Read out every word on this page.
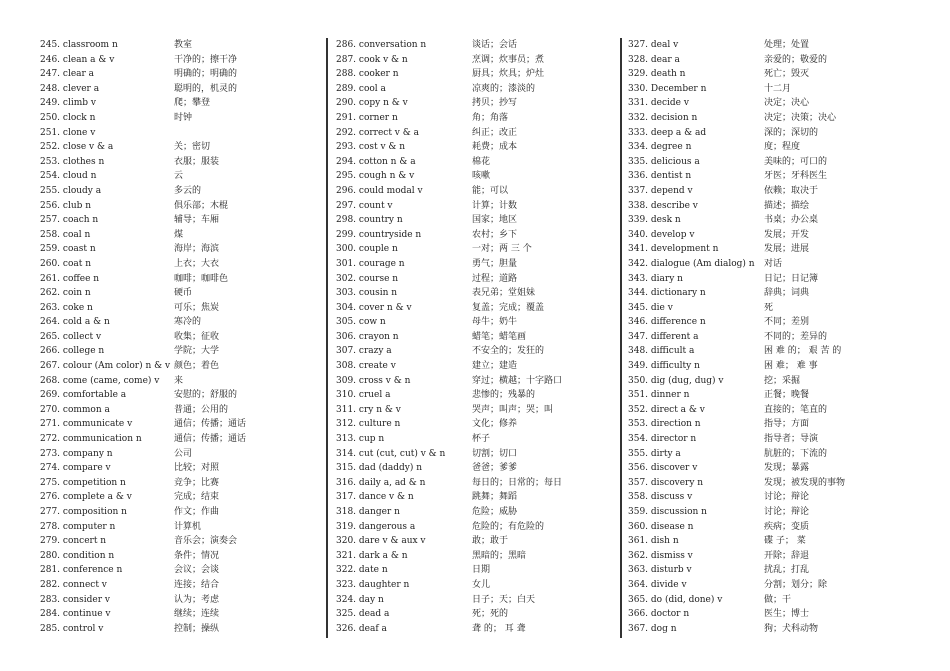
245. classroom n	教室
246. clean a & v	干净的；擦干净
247. clear a	明确的；明确的
248. clever a	聪明的，机灵的
249. climb v	爬；攀登
250. clock n	时钟
251. clone v
252. close v & a	关；密切
253. clothes n	衣服；服装
254. cloud n	云
255. cloudy a	多云的
256. club n	俱乐部；木棍
257. coach n	辅导；车厢
258. coal n	煤
259. coast n	海岸；海滨
260. coat n	上衣；大衣
261. coffee n	咖啡；咖啡色
262. coin n	硬币
263. coke n	可乐；焦炭
264. cold a & n	寒冷的
265. collect v	收集；征收
266. college n	学院；大学
267. colour (Am color) n & v 颜色；着色
268. come (came, come) v 来
269. comfortable a	安慰的；舒服的
270. common a	普通；公用的
271. communicate v	通信；传播；通话
272. communication n	通信；传播；通话
273. company n	公司
274. compare v	比较；对照
275. competition n	竞争；比赛
276. complete a & v	完成；结束
277. composition n	作文；作曲
278. computer n	计算机
279. concert n	音乐会；演奏会
280. condition n	条件；情况
281. conference n	会议；会谈
282. connect v	连接；结合
283. consider v	认为；考虑
284. continue v	继续；连续
285. control v	控制；操纵
286. conversation n	谈话；会话
287. cook v & n	烹调；炊事员；煮
288. cooker n	厨具；炊具；炉灶
289. cool a	凉爽的；漆淡的
290. copy n & v	拷贝；抄写
291. corner n	角；角落
292. correct v & a	纠正；改正
293. cost v & n	耗费；成本
294. cotton n & a	棉花
295. cough n & v	咳嗽
296. could modal v	能；可以
297. count v	计算；计数
298. country n	国家；地区
299. countryside n	农村；乡下
300. couple n	一对；两 三 个
301. courage n	勇气；胆量
302. course n	过程；道路
303. cousin n	表兄弟；堂姐妹
304. cover n & v	复盖；完成；覆盖
305. cow n	母牛；奶牛
306. crayon n	蜡笔；蜡笔画
307. crazy a	不安全的；发狂的
308. create v	建立；建造
309. cross v & n	穿过；横越；十字路口
310. cruel a	悲惨的；残暴的
311. cry n & v	哭声；叫声；哭；叫
312. culture n	文化；修养
313. cup n	杯子
314. cut (cut, cut) v & n	切割；切口
315. dad (daddy) n	爸爸；爹爹
316. daily a, ad & n	每日的；日常的；每日
317. dance v & n	跳舞；舞蹈
318. danger n	危险；威胁
319. dangerous a	危险的；有危险的
320. dare v & aux v	敢；敢于
321. dark a & n	黑暗的；黑暗
322. date n	日期
323. daughter n	女儿
324. day n	日子；天；白天
325. dead a	死；死的
326. deaf a	聋 的； 耳 聋
327. deal v	处理；处置
328. dear a	亲爱的；敬爱的
329. death n	死亡；毁灭
330. December n	十二月
331. decide v	决定；决心
332. decision n	决定；决策；决心
333. deep a & ad	深的；深切的
334. degree n	度；程度
335. delicious a	美味的；可口的
336. dentist n	牙医；牙科医生
337. depend v	依赖；取决于
338. describe v	描述；描绘
339. desk n	书桌；办公桌
340. develop v	发展；开发
341. development n	发展；进展
342. dialogue (Am dialog) n 对话
343. diary n	日记；日记簿
344. dictionary n	辞典；词典
345. die v	死
346. difference n	不同；差别
347. different a	不同的；差异的
348. difficult a	困 难 的； 艰 苦 的
349. difficulty n	困 难； 难 事
350. dig (dug, dug) v	挖；采掘
351. dinner n	正餐；晚餐
352. direct a & v	直接的；笔直的
353. direction n	指导；方面
354. director n	指导者；导演
355. dirty a	肮脏的；下流的
356. discover v	发现；暴露
357. discovery n	发现；被发现的事物
358. discuss v	讨论；辩论
359. discussion n	讨论；辩论
360. disease n	疾病；变质
361. dish n	碟 子； 菜
362. dismiss v	开除；辞退
363. disturb v	扰乱；打乱
364. divide v	分割；划分；除
365. do (did, done) v	做；干
366. doctor n	医生；博士
367. dog n	狗；犬科动物
